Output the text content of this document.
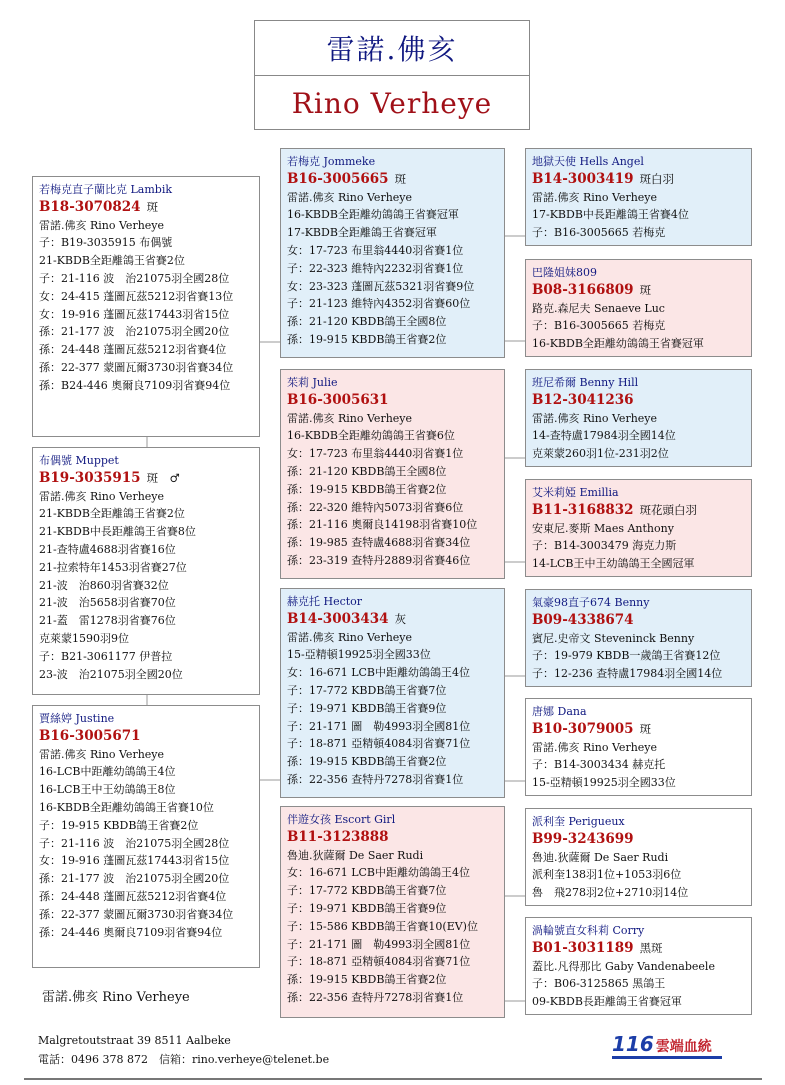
雷諾.佛亥
Rino Verheye
若梅克直子蘭比克 Lambik
B18-3070824 斑
雷諾.佛亥 Rino Verheye
子：B19-3035915 布偶號
21-KBDB全距離鴿王省賽2位
子：21-116 波　治21075羽全國28位
女：24-415 蓬圖瓦茲5212羽省賽13位
女：19-916 蓬圖瓦茲17443羽省15位
孫：21-177 波　治21075羽全國20位
孫：24-448 蓬圖瓦茲5212羽省賽4位
孫：22-377 蒙圖瓦爾3730羽省賽34位
孫：B24-446 奧爾良7109羽省賽94位
布偶號 Muppet
B19-3035915 斑　♂
雷諾.佛亥 Rino Verheye
21-KBDB全距離鴿王省賽2位
21-KBDB中長距離鴿王省賽8位
21-查特盧4688羽省賽16位
21-拉索特年1453羽省賽27位
21-波　治860羽省賽32位
21-波　治5658羽省賽70位
21-蓋　雷1278羽省賽76位
克萊蒙1590羽9位
子：B21-3061177 伊普拉
23-波　治21075羽全國20位
賈絲婷 Justine
B16-3005671
雷諾.佛亥 Rino Verheye
16-LCB中距離幼鴿鴿王4位
16-LCB王中王幼鴿鴿王8位
16-KBDB全距離幼鴿鴿王省賽10位
子：19-915 KBDB鴿王省賽2位
子：21-116 波　治21075羽全國28位
女：19-916 蓬圖瓦茲17443羽省15位
孫：21-177 波　治21075羽全國20位
孫：24-448 蓬圖瓦茲5212羽省賽4位
孫：22-377 蒙圖瓦爾3730羽省賽34位
孫：24-446 奧爾良7109羽省賽94位
若梅克 Jommeke
B16-3005665 斑
雷諾.佛亥 Rino Verheye
16-KBDB全距離幼鴿鴿王省賽冠軍
17-KBDB全距離鴿王省賽冠軍
女：17-723 布里翁4440羽省賽1位
子：22-323 維特內2232羽省賽1位
女：23-323 蓬圖瓦茲5321羽省賽9位
子：21-123 維特內4352羽省賽60位
孫：21-120 KBDB鴿王全國8位
孫：19-915 KBDB鴿王省賽2位
茱莉 Julie
B16-3005631
雷諾.佛亥 Rino Verheye
16-KBDB全距離幼鴿鴿王省賽6位
女：17-723 布里翁4440羽省賽1位
孫：21-120 KBDB鴿王全國8位
孫：19-915 KBDB鴿王省賽2位
孫：22-320 維特內5073羽省賽6位
孫：21-116 奧爾良14198羽省賽10位
孫：19-985 查特盧4688羽省賽34位
孫：23-319 查特丹2889羽省賽46位
赫克托 Hector
B14-3003434 灰
雷諾.佛亥 Rino Verheye
15-亞精頓19925羽全國33位
女：16-671 LCB中距離幼鴿鴿王4位
子：17-772 KBDB鴿王省賽7位
子：19-971 KBDB鴿王省賽9位
子：21-171 圖　勒4993羽全國81位
子：18-871 亞精頓4084羽省賽71位
孫：19-915 KBDB鴿王省賽2位
孫：22-356 查特丹7278羽省賽1位
伴遊女孩 Escort Girl
B11-3123888
魯迪.狄薩爾 De Saer Rudi
女：16-671 LCB中距離幼鴿鴿王4位
子：17-772 KBDB鴿王省賽7位
子：19-971 KBDB鴿王省賽9位
子：15-586 KBDB鴿王省賽10(EV)位
子：21-171 圖　勒4993羽全國81位
子：18-871 亞精頓4084羽省賽71位
孫：19-915 KBDB鴿王省賽2位
孫：22-356 查特丹7278羽省賽1位
地獄天使 Hells Angel
B14-3003419 斑白羽
雷諾.佛亥 Rino Verheye
17-KBDB中長距離鴿王省賽4位
子：B16-3005665 若梅克
巴隆姐妹809
B08-3166809 斑
路克.森尼夫 Senaeve Luc
子：B16-3005665 若梅克
16-KBDB全距離幼鴿鴿王省賽冠軍
班尼希爾 Benny Hill
B12-3041236
雷諾.佛亥 Rino Verheye
14-查特盧17984羽全國14位
克萊蒙260羽1位-231羽2位
艾米莉婭 Emillia
B11-3168832 斑花頭白羽
安東尼.麥斯 Maes Anthony
子：B14-3003479 海克力斯
14-LCB王中王幼鴿鴿王全國冠軍
氣豪98直子674 Benny
B09-4338674
賓尼.史帝文 Steveninck Benny
子：19-979 KBDB一歲鴿王省賽12位
子：12-236 查特盧17984羽全國14位
唐娜 Dana
B10-3079005 斑
雷諾.佛亥 Rino Verheye
子：B14-3003434 赫克托
15-亞精頓19925羽全國33位
派利奎 Perigueux
B99-3243699
魯迪.狄薩爾 De Saer Rudi
派利奎138羽1位+1053羽6位
魯　飛278羽2位+2710羽14位
渦輪號直女科莉 Corry
B01-3031189 黑斑
蓋比.凡得那比 Gaby Vandenabeele
子：B06-3125865 黑鴿王
09-KBDB長距離鴿王省賽冠軍
雷諾.佛亥 Rino Verheye
Malgretoutstraat 39 8511 Aalbeke
電話：0496 378 872　信箱：rino.verheye@telenet.be
116 雲端血統
